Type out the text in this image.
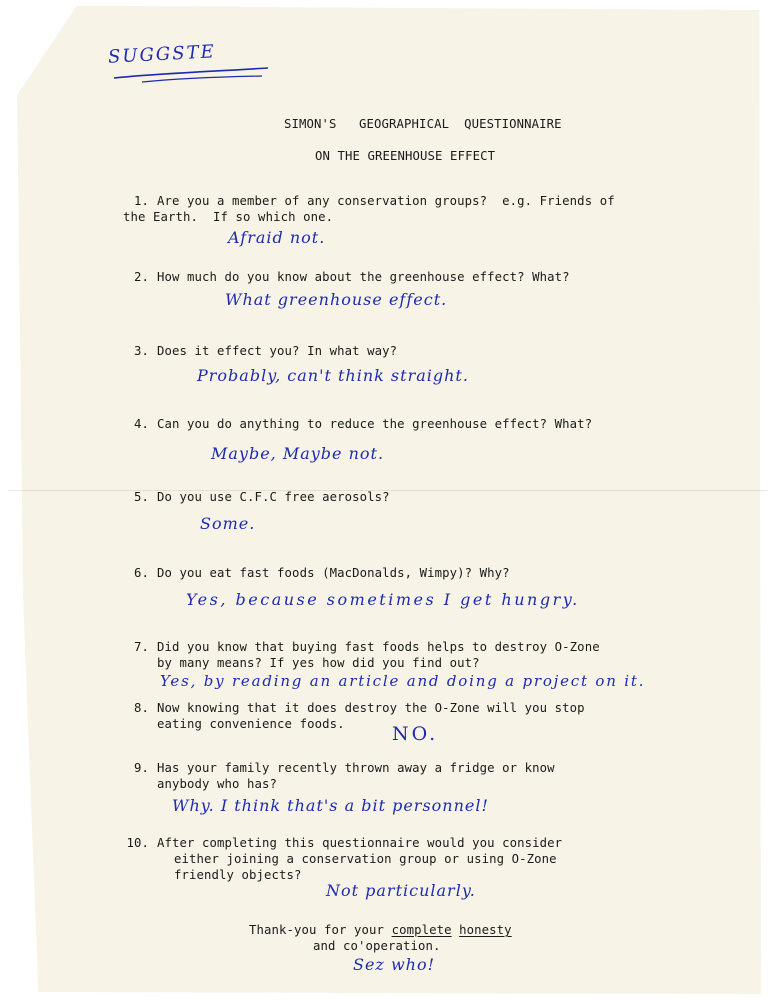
SUGGSTE
SIMON'S   GEOGRAPHICAL  QUESTIONNAIRE
ON THE GREENHOUSE EFFECT
1. Are you a member of any conservation groups?  e.g. Friends of
the Earth.  If so which one.
Afraid not.
2. How much do you know about the greenhouse effect? What?
What greenhouse effect.
3. Does it effect you? In what way?
Probably, can't think straight.
4. Can you do anything to reduce the greenhouse effect? What?
Maybe, Maybe not.
5. Do you use C.F.C free aerosols?
Some.
6. Do you eat fast foods (MacDonalds, Wimpy)? Why?
Yes, because sometimes I get hungry.
7. Did you know that buying fast foods helps to destroy O-Zone
by many means? If yes how did you find out?
Yes, by reading an article and doing a project on it.
8. Now knowing that it does destroy the O-Zone will you stop
eating convenience foods. NO.
9. Has your family recently thrown away a fridge or know
anybody who has?
Why. I think that's a bit personnel!
10. After completing this questionnaire would you consider
either joining a conservation group or using O-Zone
friendly objects?
Not particularly.
Thank-you for your complete honesty
and co'operation.
Sez who!
